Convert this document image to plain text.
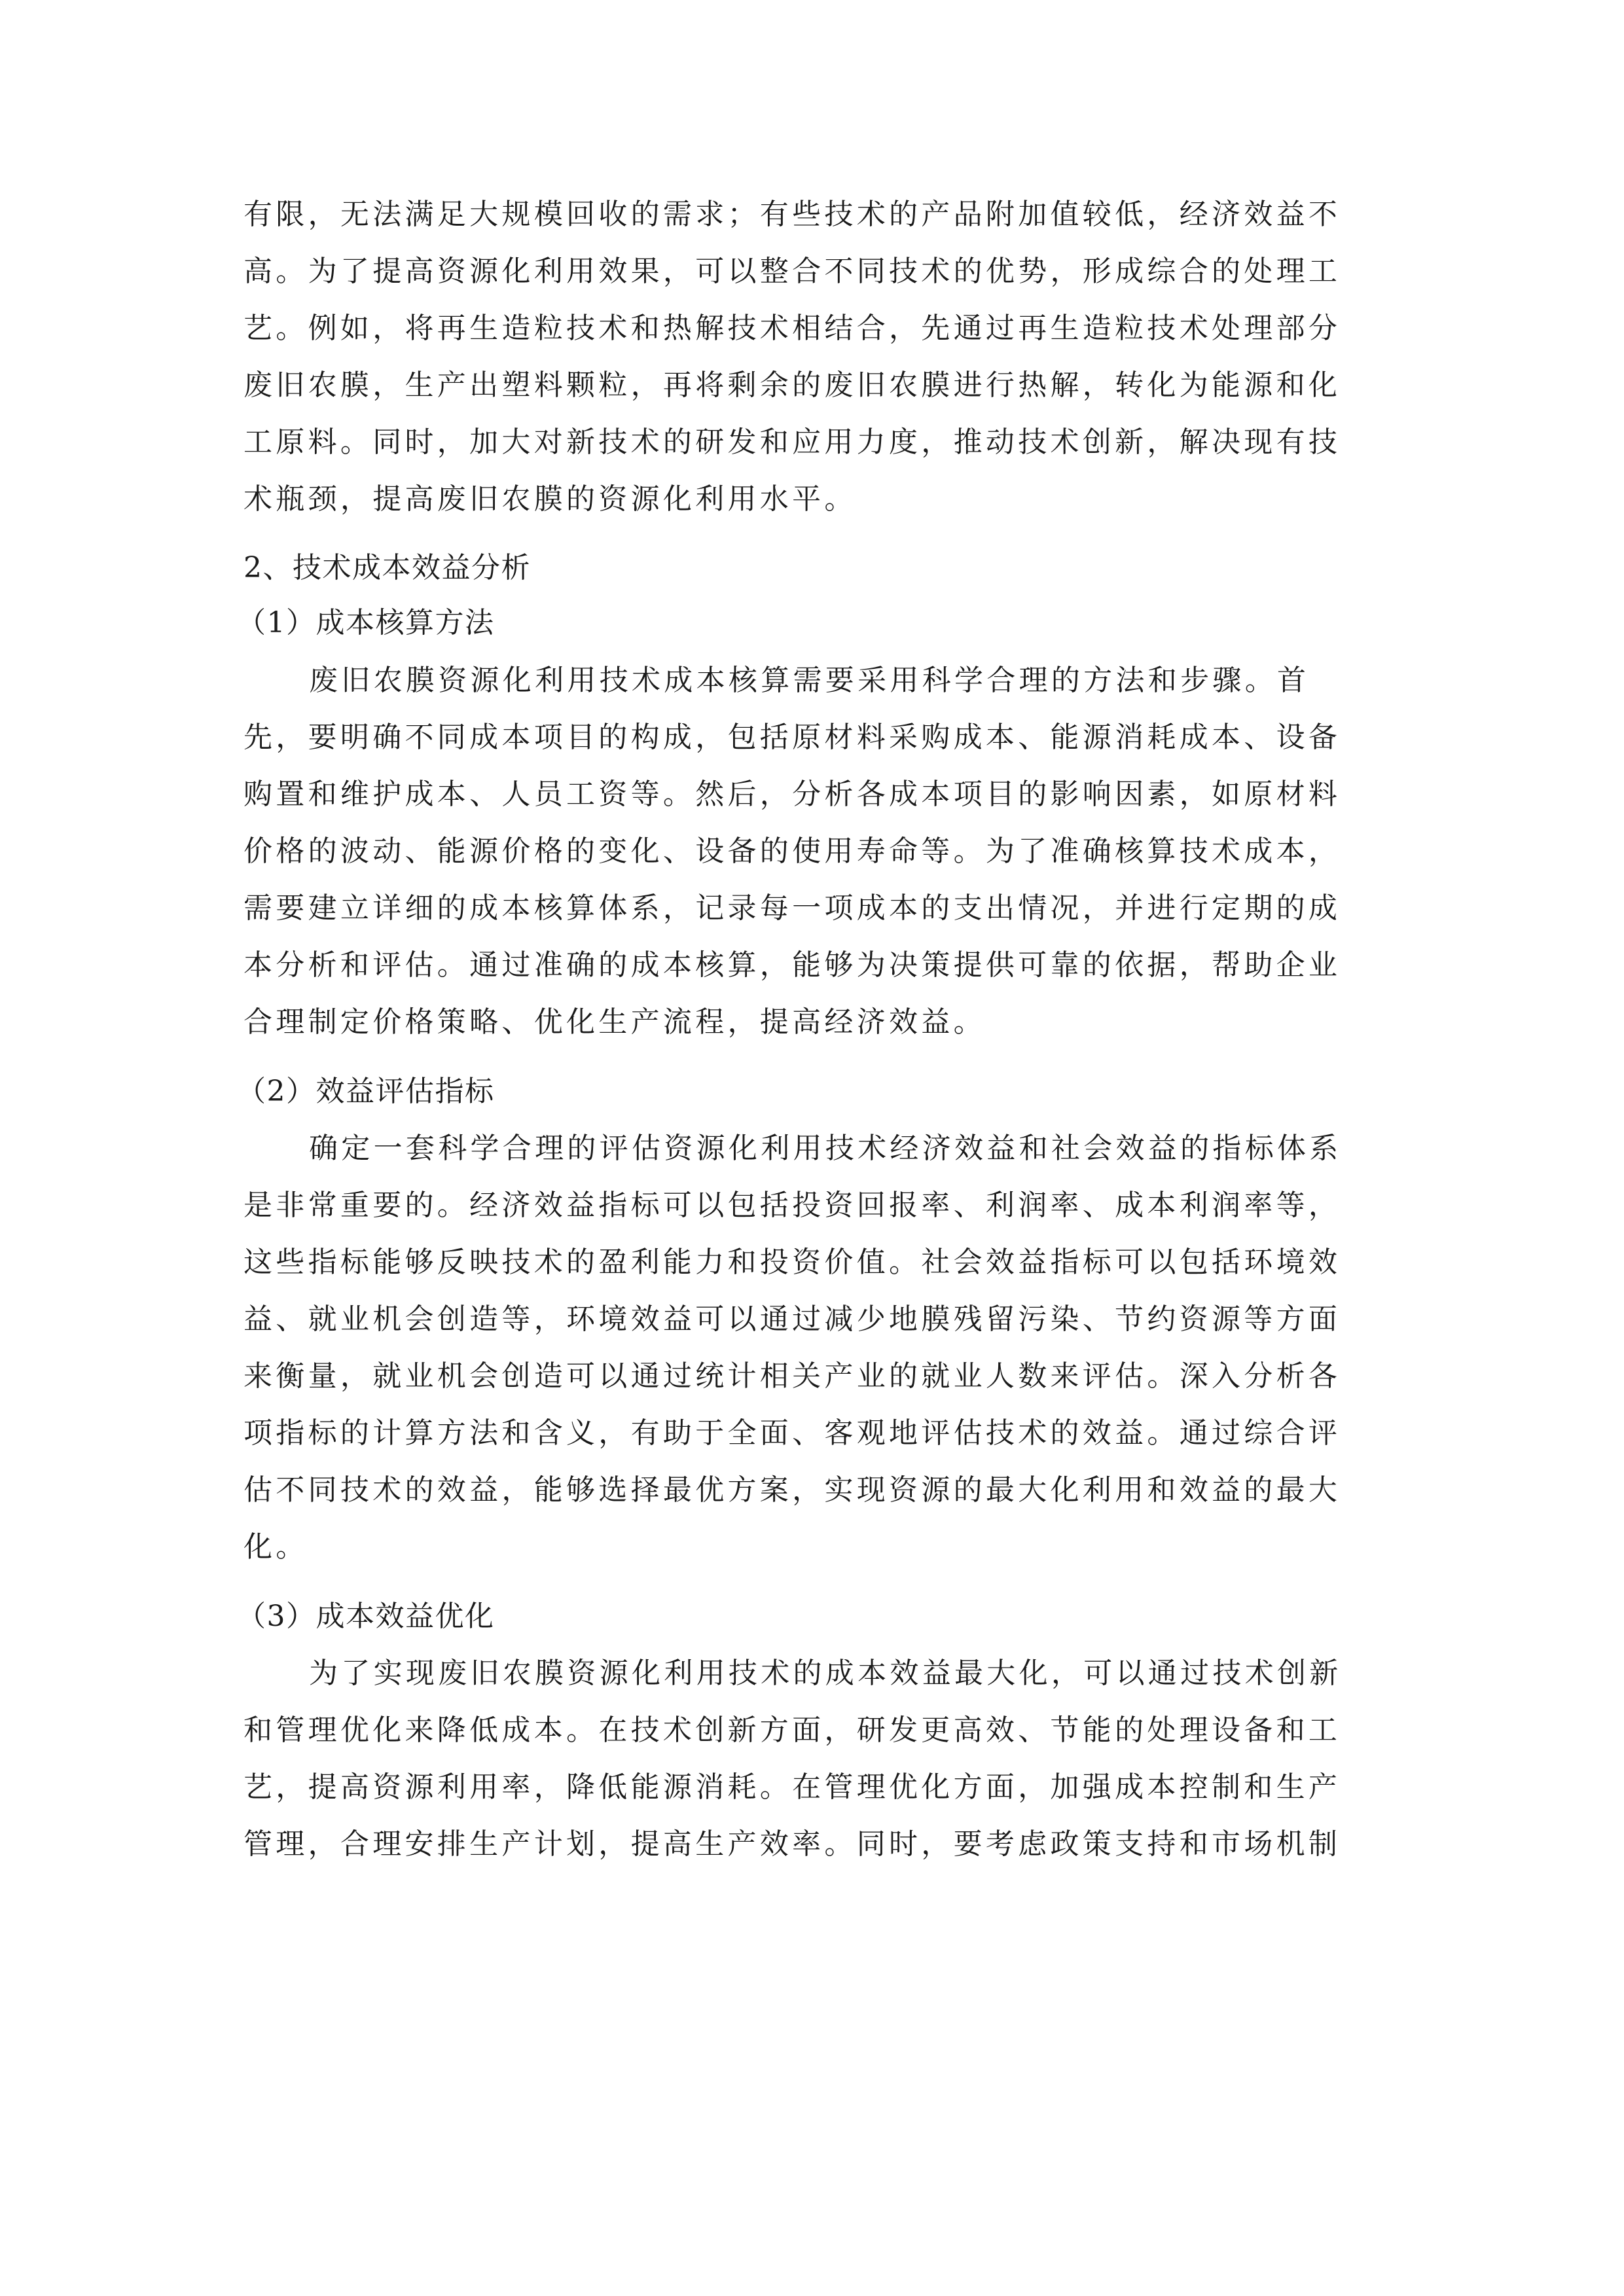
有限，无法满足大规模回收的需求；有些技术的产品附加值较低，经济效益不
高。为了提高资源化利用效果，可以整合不同技术的优势，形成综合的处理工
艺。例如，将再生造粒技术和热解技术相结合，先通过再生造粒技术处理部分
废旧农膜，生产出塑料颗粒，再将剩余的废旧农膜进行热解，转化为能源和化
工原料。同时，加大对新技术的研发和应用力度，推动技术创新，解决现有技
术瓶颈，提高废旧农膜的资源化利用水平。
2、技术成本效益分析
（1）成本核算方法
废旧农膜资源化利用技术成本核算需要采用科学合理的方法和步骤。首
先，要明确不同成本项目的构成，包括原材料采购成本、能源消耗成本、设备
购置和维护成本、人员工资等。然后，分析各成本项目的影响因素，如原材料
价格的波动、能源价格的变化、设备的使用寿命等。为了准确核算技术成本，
需要建立详细的成本核算体系，记录每一项成本的支出情况，并进行定期的成
本分析和评估。通过准确的成本核算，能够为决策提供可靠的依据，帮助企业
合理制定价格策略、优化生产流程，提高经济效益。
（2）效益评估指标
确定一套科学合理的评估资源化利用技术经济效益和社会效益的指标体系
是非常重要的。经济效益指标可以包括投资回报率、利润率、成本利润率等，
这些指标能够反映技术的盈利能力和投资价值。社会效益指标可以包括环境效
益、就业机会创造等，环境效益可以通过减少地膜残留污染、节约资源等方面
来衡量，就业机会创造可以通过统计相关产业的就业人数来评估。深入分析各
项指标的计算方法和含义，有助于全面、客观地评估技术的效益。通过综合评
估不同技术的效益，能够选择最优方案，实现资源的最大化利用和效益的最大
化。
（3）成本效益优化
为了实现废旧农膜资源化利用技术的成本效益最大化，可以通过技术创新
和管理优化来降低成本。在技术创新方面，研发更高效、节能的处理设备和工
艺，提高资源利用率，降低能源消耗。在管理优化方面，加强成本控制和生产
管理，合理安排生产计划，提高生产效率。同时，要考虑政策支持和市场机制
